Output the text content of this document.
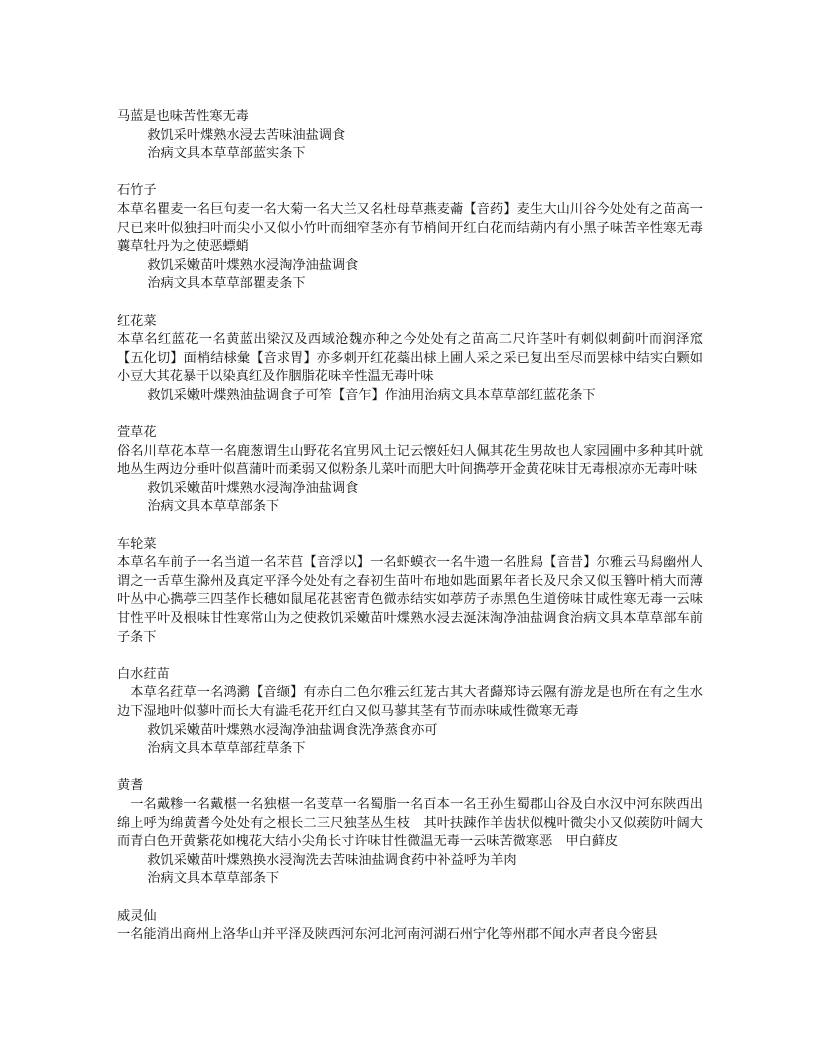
马蓝是也味苦性寒无毒
救饥采叶煠熟水浸去苦味油盐调食
治病文具本草草部蓝实条下
石竹子
本草名瞿麦一名巨句麦一名大菊一名大兰又名杜母草燕麦蘥【音药】麦生大山川谷今处处有之苗高一尺已来叶似独扫叶而尖小又似小竹叶而细窄茎亦有节梢间开红白花而结蒴内有小黑子味苦辛性寒无毒蘘草牡丹为之使恶螵蛸
救饥采嫩苗叶煠熟水浸淘净油盐调食
治病文具本草草部瞿麦条下
红花菜
本草名红蓝花一名黄蓝出梁汉及西域沧魏亦种之今处处有之苗高二尺许茎叶有刺似刺蓟叶而润泽窊【五化切】面梢结梂彙【音求胃】亦多刺开红花蘂出梂上圃人采之采已复出至尽而罢梂中结实白颗如小豆大其花暴干以染真红及作胭脂花味辛性温无毒叶味
救饥采嫩叶煠熟油盐调食子可笮【音乍】作油用治病文具本草草部红蓝花条下
萱草花
俗名川草花本草一名鹿葱谓生山野花名宜男风土记云懐妊妇人佩其花生男故也人家园圃中多种其叶就地丛生两边分垂叶似菖蒲叶而柔弱又似粉条儿菜叶而肥大叶间擕葶开金黄花味甘无毒根凉亦无毒叶味
救饥采嫩苗叶煠熟水浸淘净油盐调食
治病文具本草草部条下
车轮菜
本草名车前子一名当道一名芣苢【音浮以】一名虾蟆衣一名牛遗一名胜舄【音昔】尔雅云马舄幽州人谓之一舌草生滁州及真定平泽今处处有之春初生苗叶布地如匙面累年者长及尺余又似玉簪叶梢大而薄叶丛中心擕葶三四茎作长穗如鼠尾花甚密青色微赤结实如葶苈子赤黑色生道傍味甘咸性寒无毒一云味甘性平叶及根味甘性寒常山为之使救饥采嫩苗叶煠熟水浸去涎沫淘净油盐调食治病文具本草草部车前子条下
白水荭苗
本草名荭草一名鸿㶉【音缬】有赤白二色尔雅云红茏古其大者蘬郑诗云隰有游龙是也所在有之生水边下湿地叶似蓼叶而长大有澁毛花开红白又似马蓼其茎有节而赤味咸性微寒无毒
救饥采嫩苗叶煠熟水浸淘净油盐调食洗净蒸食亦可
治病文具本草草部荭草条下
黄耆
一名戴糁一名戴椹一名独椹一名芰草一名蜀脂一名百本一名王孙生蜀郡山谷及白水汉中河东陕西出绵上呼为绵黄耆今处处有之根长二三尺独茎丛生枝　其叶扶踈作羊齿状似槐叶微尖小又似蒺防叶阔大而青白色开黄紫花如槐花大结小尖角长寸许味甘性微温无毒一云味苦微寒恶　甲白藓皮
救饥采嫩苗叶煠熟换水浸淘洗去苦味油盐调食药中补益呼为羊肉
治病文具本草草部条下
威灵仙
一名能消出商州上洛华山并平泽及陕西河东河北河南河湖石州宁化等州郡不闻水声者良今密县
